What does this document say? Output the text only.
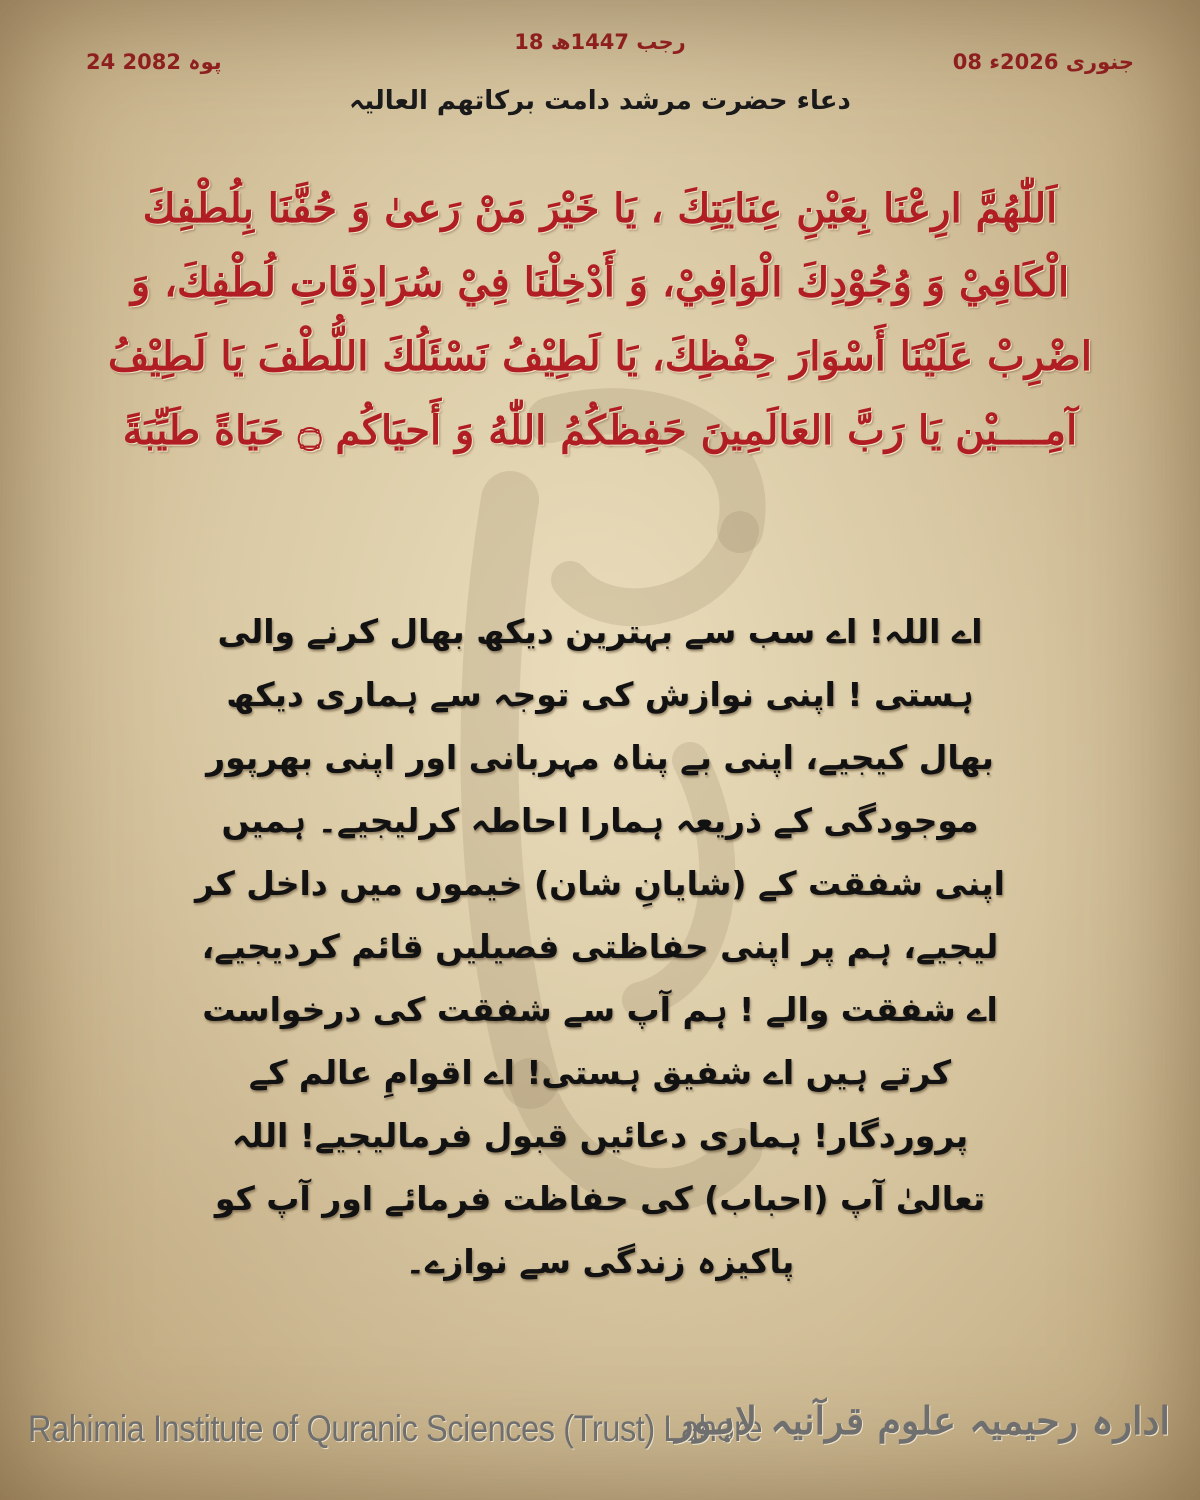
18 رجب 1447ھ
24 پوہ 2082	08 جنوری 2026ء
دعاء حضرت مرشد دامت برکاتھم العالیہ
اَللّٰهُمَّ ارِعْنَا بِعَيْنِ عِنَايَتِكَ ، يَا خَيْرَ مَنْ رَعىٰ وَ حُفَّنَا بِلُطْفِكَ الْكَافِيْ وَ وُجُوْدِكَ الْوَافِيْ، وَ أَدْخِلْنَا فِيْ سُرَادِقَاتِ لُطْفِكَ، وَ اضْرِبْ عَلَيْنَا أَسْوَارَ حِفْظِكَ، يَا لَطِيْفُ نَسْئَلُكَ اللُّطْفَ يَا لَطِيْفُ آمِــــيْن يَا رَبَّ العَالَمِينَ حَفِظَكُمُ اللّٰهُ وَ أَحيَاكُم ۝ حَيَاةً طَيِّبَةً
اے اللہ! اے سب سے بہترین دیکھ بھال کرنے والی ہستی ! اپنی نوازش کی توجہ سے ہماری دیکھ بھال کیجیے، اپنی بے پناہ مہربانی اور اپنی بھرپور موجودگی کے ذریعہ ہمارا احاطہ کرلیجیے۔ ہمیں اپنی شفقت کے (شایانِ شان) خیموں میں داخل کر لیجیے، ہم پر اپنی حفاظتی فصیلیں قائم کردیجیے، اے شفقت والے ! ہم آپ سے شفقت کی درخواست کرتے ہیں اے شفیق ہستی! اے اقوامِ عالم کے پروردگار! ہماری دعائیں قبول فرمالیجیے! اللہ تعالیٰ آپ (احباب) کی حفاظت فرمائے اور آپ کو پاکیزہ زندگی سے نوازے۔
Rahimia Institute of Quranic Sciences (Trust) Lahore
ادارہ رحیمیہ علوم قرآنیہ لاہور
